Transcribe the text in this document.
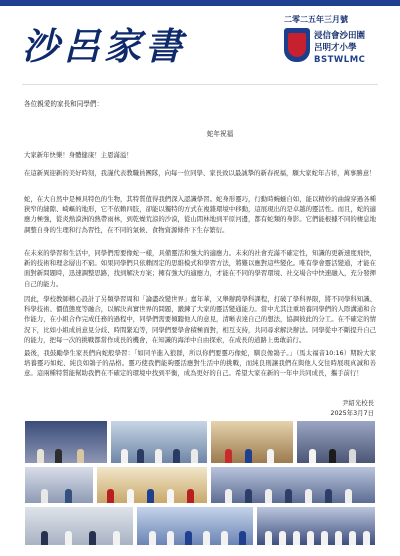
沙呂家書
二零二五年三月號
浸信會沙田圍
呂明才小學
BSTWLMC
各位親愛的家長和同學們：
蛇年祝福
大家新年快樂！身體健康！主恩滿溢！
在這新異迎新的美好時刻，我謹代表教職員團隊，向每一位同學、家長致以最誠摯的新春祝福，願大家蛇年吉祥，萬事勝意！
蛇，在大自然中是極具特色的生物，其特質值得我們深入認識學習。蛇身形靈巧，行動時蜿蜒自如，能以精妙的曲線穿過各種狹窄的縫隙、崎嶇的地形，它不依賴四肢，卻能以獨特的方式在複雜環境中移動，這展現出的是卓越的靈活性。而且，蛇的適應力極強，從炎熱漠洲的熱帶雨林，到乾燥荒涼的沙漠，從山間林地到平原河邊，都有蛇類的身影。它們能根據不同的棲息地調整自身的生理和行為習性，在不同的氣候、食物資源條件下生存繁衍。
在未來的學習和生活中，同學們需要像蛇一樣，具備靈活和強大的適應力。未來的社會充滿不確定性，知識的更新速度飛快，新的技術和理念層出不窮。如果同學們只依賴固定的思維模式和學習方法，將難以應對這些變化。唯有學會靈活變通，才能在面對新問題時，迅速調整思路，找到解決方案；擁有強大的適應力，才能在不同的學習環境、社交場合中快速融入，充分發揮自己的能力。
因此，學校教師精心設計了另類學習周和「論盡改變世界」嘉年華，又舉辦跨學科課程，打破了學科界限，將不同學科知識、科學技術、價值態度等融合，以解決真實世界的問題，鍛鍊了大家的靈活變通能力。當中尤其注重培養同學們的人際溝通和合作能力，在小組合作完成任務的過程中，同學們需要傾聽他人的意見，清晰表達自己的想法，協調彼此的分工。在不確定的情況下，比如小組成員意見分歧、時間緊迫等，同學們要學會積極面對，相互支持，共同尋求解決辦法。同學從中不斷提升自己的能力，把每一次的挑戰都當作成長的機會，在知識的海洋中自由探索，在成長的道路上勇敢前行。
最後，我鼓勵學生家長們向蛇般學習：「如同羊進入狼群，所以你們要靈巧像蛇，馴良像鴿子。」（馬太福音10:16）期盼大家培養靈巧如蛇、純良如鴿子的品格。靈巧使我們能夠靈活應對生活中的挑戰，而純良則讓我們在與他人交往時展現真誠和善意。這兩種特質能幫助我們在不確定的環境中找到平衡，成為更好的自己。希望大家在新的一年中共同成長，攜手前行！
尹紹光校長
2025年3月7日
